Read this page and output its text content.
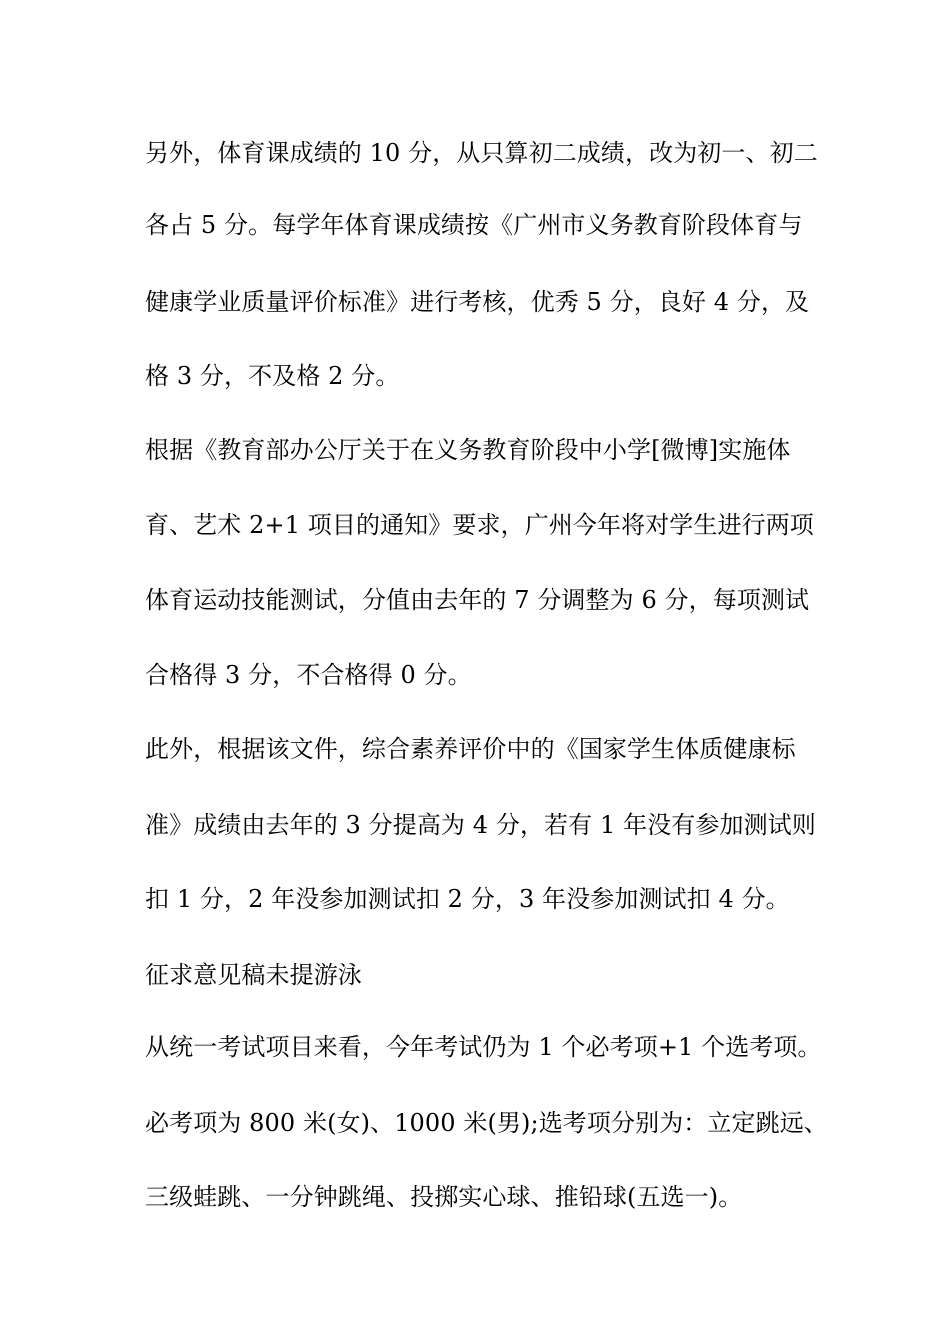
另外，体育课成绩的 10 分，从只算初二成绩，改为初一、初二

各占 5 分。每学年体育课成绩按《广州市义务教育阶段体育与

健康学业质量评价标准》进行考核，优秀 5 分，良好 4 分，及

格 3 分，不及格 2 分。

根据《教育部办公厅关于在义务教育阶段中小学[微博]实施体

育、艺术 2+1 项目的通知》要求，广州今年将对学生进行两项

体育运动技能测试，分值由去年的 7 分调整为 6 分，每项测试

合格得 3 分，不合格得 0 分。

此外，根据该文件，综合素养评价中的《国家学生体质健康标

准》成绩由去年的 3 分提高为 4 分，若有 1 年没有参加测试则

扣 1 分，2 年没参加测试扣 2 分，3 年没参加测试扣 4 分。

征求意见稿未提游泳

从统一考试项目来看，今年考试仍为 1 个必考项+1 个选考项。

必考项为 800 米(女)、1000 米(男);选考项分别为：立定跳远、

三级蛙跳、一分钟跳绳、投掷实心球、推铅球(五选一)。
